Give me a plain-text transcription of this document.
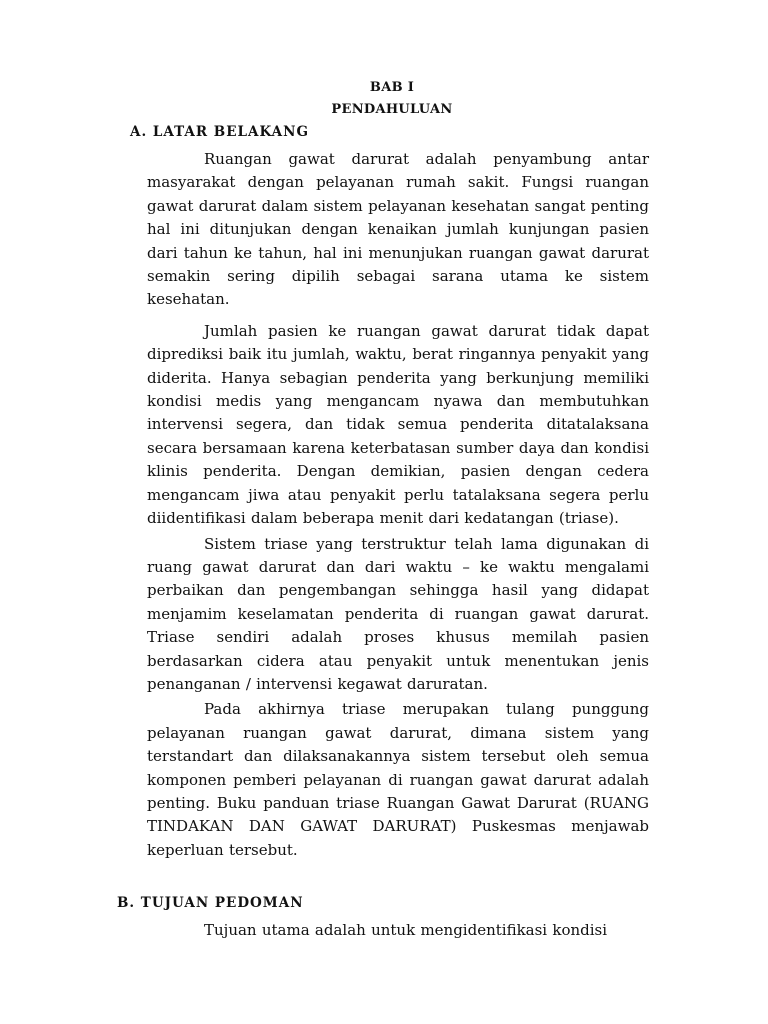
BAB I
PENDAHULUAN
A. LATAR BELAKANG

Ruangan gawat darurat adalah penyambung antar masyarakat dengan pelayanan rumah sakit. Fungsi ruangan gawat darurat dalam sistem pelayanan kesehatan sangat penting hal ini ditunjukan dengan kenaikan jumlah kunjungan pasien dari tahun ke tahun, hal ini menunjukan ruangan gawat darurat semakin sering dipilih sebagai sarana utama ke sistem kesehatan.

Jumlah pasien ke ruangan gawat darurat tidak dapat diprediksi baik itu jumlah, waktu, berat ringannya penyakit yang diderita. Hanya sebagian penderita yang berkunjung memiliki kondisi medis yang mengancam nyawa dan membutuhkan intervensi segera, dan tidak semua penderita ditatalaksana secara bersamaan karena keterbatasan sumber daya dan kondisi klinis penderita. Dengan demikian, pasien dengan cedera mengancam jiwa atau penyakit perlu tatalaksana segera perlu diidentifikasi dalam beberapa menit dari kedatangan (triase).

Sistem triase yang terstruktur telah lama digunakan di ruang gawat darurat dan dari waktu – ke waktu mengalami perbaikan dan pengembangan sehingga hasil yang didapat menjamim keselamatan penderita di ruangan gawat darurat. Triase sendiri adalah proses khusus memilah pasien berdasarkan cidera atau penyakit untuk menentukan jenis penanganan / intervensi kegawat daruratan.

Pada akhirnya triase merupakan tulang punggung pelayanan ruangan gawat darurat, dimana sistem yang terstandart dan dilaksanakannya sistem tersebut oleh semua komponen pemberi pelayanan di ruangan gawat darurat adalah penting. Buku panduan triase Ruangan Gawat Darurat (RUANG TINDAKAN DAN GAWAT DARURAT) Puskesmas menjawab keperluan tersebut.

B. TUJUAN PEDOMAN

Tujuan utama adalah untuk mengidentifikasi kondisi
